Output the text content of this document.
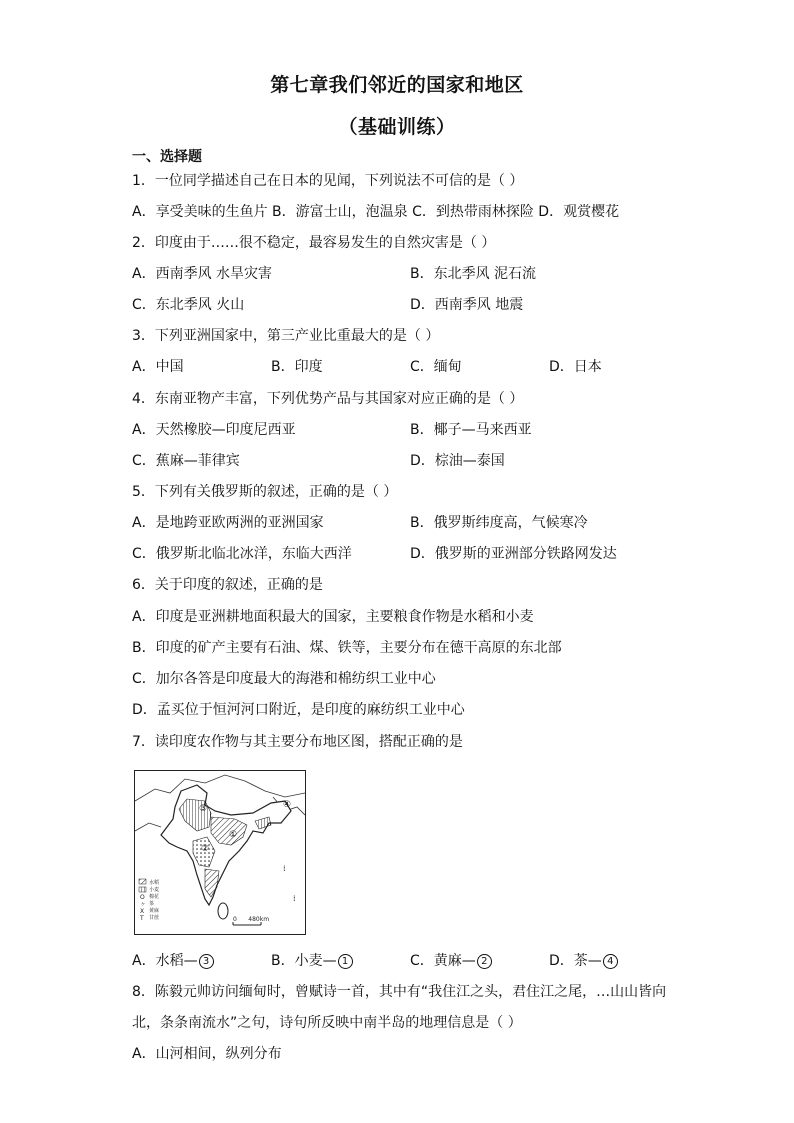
第七章我们邻近的国家和地区
（基础训练）
一、选择题
1．一位同学描述自己在日本的见闻，下列说法不可信的是（ ）
A．享受美味的生鱼片 B．游富士山，泡温泉 C．到热带雨林探险 D．观赏樱花
2．印度由于……很不稳定，最容易发生的自然灾害是（ ）
A．西南季风 水旱灾害	B．东北季风 泥石流
C．东北季风 火山	D．西南季风 地震
3．下列亚洲国家中，第三产业比重最大的是（ ）
A．中国	B．印度	C．缅甸	D．日本
4．东南亚物产丰富，下列优势产品与其国家对应正确的是（ ）
A．天然橡胶—印度尼西亚	B．椰子—马来西亚
C．蕉麻—菲律宾	D．棕油—泰国
5．下列有关俄罗斯的叙述，正确的是（ ）
A．是地跨亚欧两洲的亚洲国家	B．俄罗斯纬度高，气候寒冷
C．俄罗斯北临北冰洋，东临大西洋	D．俄罗斯的亚洲部分铁路网发达
6．关于印度的叙述，正确的是
A．印度是亚洲耕地面积最大的国家，主要粮食作物是水稻和小麦
B．印度的矿产主要有石油、煤、铁等，主要分布在德干高原的东北部
C．加尔各答是印度最大的海港和棉纺织工业中心
D．孟买位于恒河河口附近，是印度的麻纺织工业中心
7．读印度农作物与其主要分布地区图，搭配正确的是
⁞
⁞
③
①
②
④
O
ヶ
X
T
水稻
小麦
棉花
茶
黄麻
甘蔗	0      480km
A．水稻— 3	B．小麦— 1	C．黄麻— 2	D．茶— 4
8．陈毅元帅访问缅甸时，曾赋诗一首，其中有“我住江之头，君住江之尾，…山山皆向
北，条条南流水”之句，诗句所反映中南半岛的地理信息是（ ）
A．山河相间，纵列分布
